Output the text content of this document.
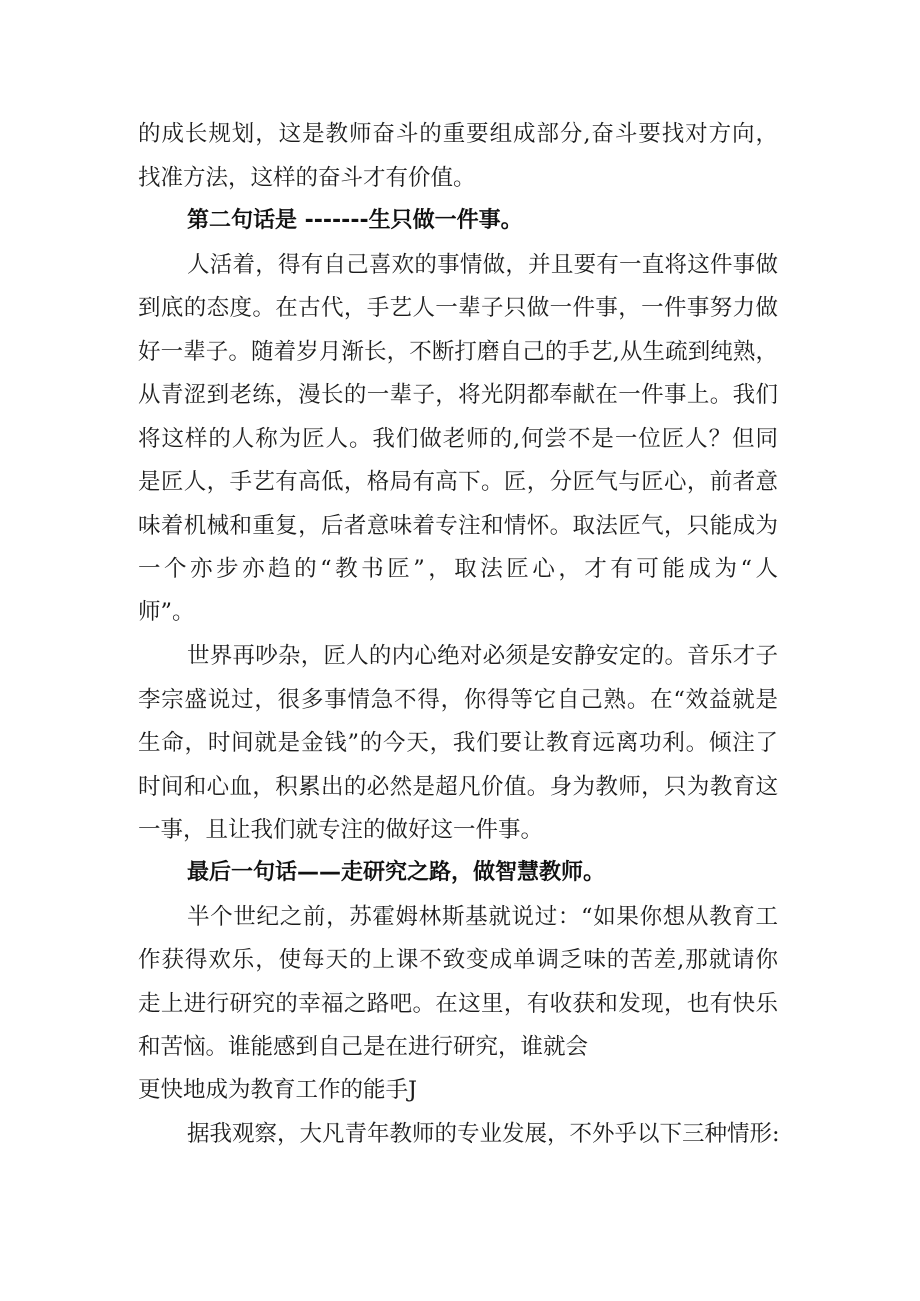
的成长规划，这是教师奋斗的重要组成部分,奋斗要找对方向，
找准方法，这样的奋斗才有价值。
第二句话是 -------生只做一件事。
人活着，得有自己喜欢的事情做，并且要有一直将这件事做
到底的态度。在古代，手艺人一辈子只做一件事，一件事努力做
好一辈子。随着岁月渐长，不断打磨自己的手艺,从生疏到纯熟，
从青涩到老练，漫长的一辈子，将光阴都奉献在一件事上。我们
将这样的人称为匠人。我们做老师的,何尝不是一位匠人？但同
是匠人，手艺有高低，格局有高下。匠，分匠气与匠心，前者意
味着机械和重复，后者意味着专注和情怀。取法匠气，只能成为
一个亦步亦趋的“教书匠”，取法匠心，才有可能成为“人
师”。
世界再吵杂，匠人的内心绝对必须是安静安定的。音乐才子
李宗盛说过，很多事情急不得，你得等它自己熟。在“效益就是
生命，时间就是金钱”的今天，我们要让教育远离功利。倾注了
时间和心血，积累出的必然是超凡价值。身为教师，只为教育这
一事，且让我们就专注的做好这一件事。
最后一句话——走研究之路，做智慧教师。
半个世纪之前，苏霍姆林斯基就说过：“如果你想从教育工
作获得欢乐，使每天的上课不致变成单调乏味的苦差,那就请你
走上进行研究的幸福之路吧。在这里，有收获和发现，也有快乐
和苦恼。谁能感到自己是在进行研究，谁就会
更快地成为教育工作的能手J
据我观察，大凡青年教师的专业发展，不外乎以下三种情形:
